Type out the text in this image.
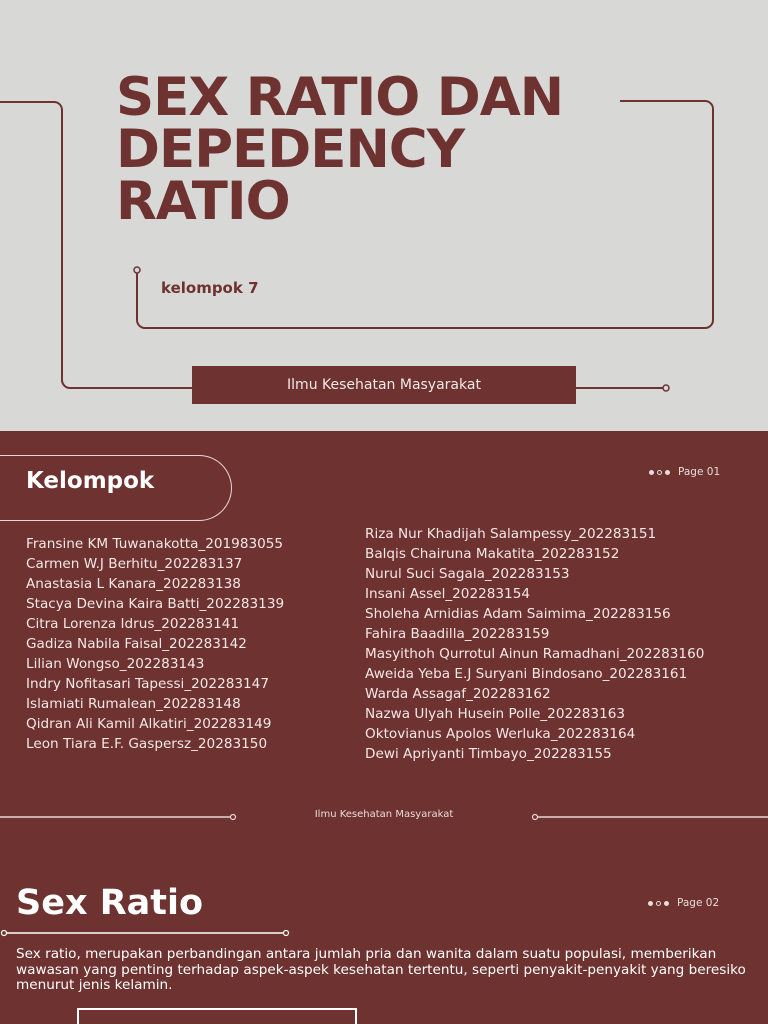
SEX RATIO DAN
DEPEDENCY
RATIO
kelompok 7
Ilmu Kesehatan Masyarakat
Kelompok	Page 01
Fransine KM Tuwanakotta_201983055
Carmen W.J Berhitu_202283137
Anastasia L Kanara_202283138
Stacya Devina Kaira Batti_202283139
Citra Lorenza Idrus_202283141
Gadiza Nabila Faisal_202283142
Lilian Wongso_202283143
Indry Nofitasari Tapessi_202283147
Islamiati Rumalean_202283148
Qidran Ali Kamil Alkatiri_202283149
Leon Tiara E.F. Gaspersz_20283150
Riza Nur Khadijah Salampessy_202283151
Balqis Chairuna Makatita_202283152
Nurul Suci Sagala_202283153
Insani Assel_202283154
Sholeha Arnidias Adam Saimima_202283156
Fahira Baadilla_202283159
Masyithoh Qurrotul Ainun Ramadhani_202283160
Aweida Yeba E.J Suryani Bindosano_202283161
Warda Assagaf_202283162
Nazwa Ulyah Husein Polle_202283163
Oktovianus Apolos Werluka_202283164
Dewi Apriyanti Timbayo_202283155
Ilmu Kesehatan Masyarakat
Sex Ratio	Page 02

Sex ratio, merupakan perbandingan antara jumlah pria dan wanita dalam suatu populasi, memberikan wawasan yang penting terhadap aspek-aspek kesehatan tertentu, seperti penyakit-penyakit yang beresiko menurut jenis kelamin.
